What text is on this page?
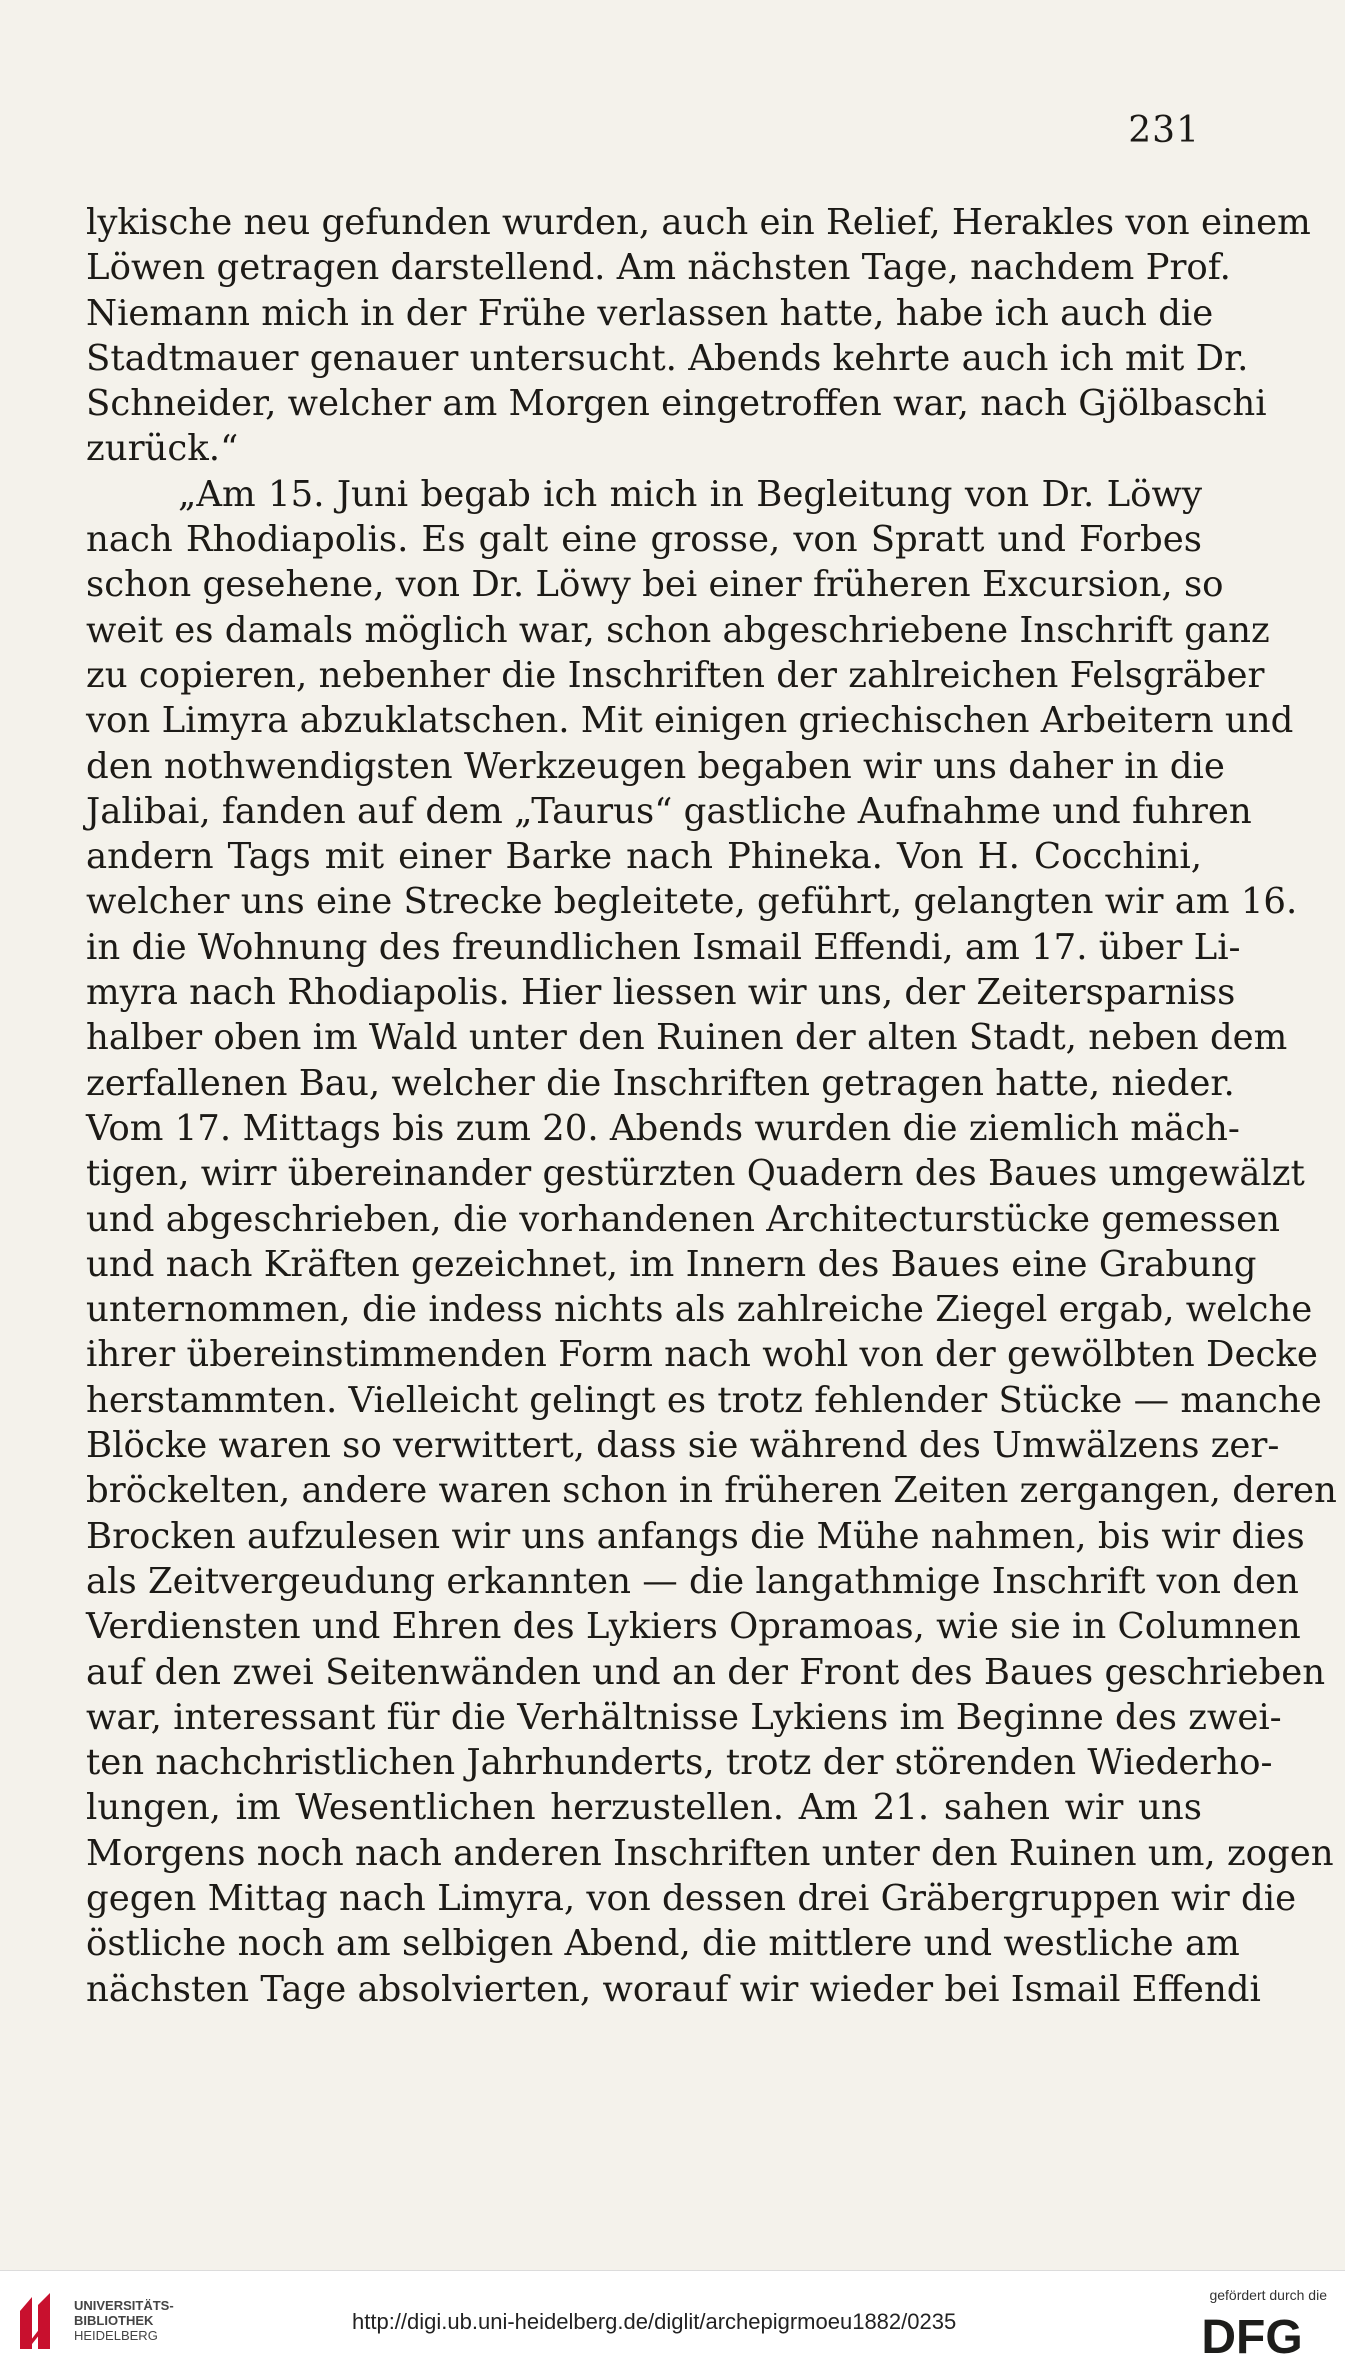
231
lykische neu gefunden wurden, auch ein Relief, Herakles von einem
Löwen getragen darstellend. Am nächsten Tage, nachdem Prof.
Niemann mich in der Frühe verlassen hatte, habe ich auch die
Stadtmauer genauer untersucht. Abends kehrte auch ich mit Dr.
Schneider, welcher am Morgen eingetroffen war, nach Gjölbaschi
zurück.“
„Am 15. Juni begab ich mich in Begleitung von Dr. Löwy
nach Rhodiapolis. Es galt eine grosse, von Spratt und Forbes
schon gesehene, von Dr. Löwy bei einer früheren Excursion, so
weit es damals möglich war, schon abgeschriebene Inschrift ganz
zu copieren, nebenher die Inschriften der zahlreichen Felsgräber
von Limyra abzuklatschen. Mit einigen griechischen Arbeitern und
den nothwendigsten Werkzeugen begaben wir uns daher in die
Jalibai, fanden auf dem „Taurus“ gastliche Aufnahme und fuhren
andern Tags mit einer Barke nach Phineka. Von H. Cocchini,
welcher uns eine Strecke begleitete, geführt, gelangten wir am 16.
in die Wohnung des freundlichen Ismail Effendi, am 17. über Li-
myra nach Rhodiapolis. Hier liessen wir uns, der Zeitersparniss
halber oben im Wald unter den Ruinen der alten Stadt, neben dem
zerfallenen Bau, welcher die Inschriften getragen hatte, nieder.
Vom 17. Mittags bis zum 20. Abends wurden die ziemlich mäch-
tigen, wirr übereinander gestürzten Quadern des Baues umgewälzt
und abgeschrieben, die vorhandenen Architecturstücke gemessen
und nach Kräften gezeichnet, im Innern des Baues eine Grabung
unternommen, die indess nichts als zahlreiche Ziegel ergab, welche
ihrer übereinstimmenden Form nach wohl von der gewölbten Decke
herstammten. Vielleicht gelingt es trotz fehlender Stücke — manche
Blöcke waren so verwittert, dass sie während des Umwälzens zer-
bröckelten, andere waren schon in früheren Zeiten zergangen, deren
Brocken aufzulesen wir uns anfangs die Mühe nahmen, bis wir dies
als Zeitvergeudung erkannten — die langathmige Inschrift von den
Verdiensten und Ehren des Lykiers Opramoas, wie sie in Columnen
auf den zwei Seitenwänden und an der Front des Baues geschrieben
war, interessant für die Verhältnisse Lykiens im Beginne des zwei-
ten nachchristlichen Jahrhunderts, trotz der störenden Wiederho-
lungen, im Wesentlichen herzustellen. Am 21. sahen wir uns
Morgens noch nach anderen Inschriften unter den Ruinen um, zogen
gegen Mittag nach Limyra, von dessen drei Gräbergruppen wir die
östliche noch am selbigen Abend, die mittlere und westliche am
nächsten Tage absolvierten, worauf wir wieder bei Ismail Effendi
UNIVERSITÄTS-
BIBLIOTHEK
HEIDELBERG
http://digi.ub.uni-heidelberg.de/diglit/archepigrmoeu1882/0235
gefördert durch die
DFG
